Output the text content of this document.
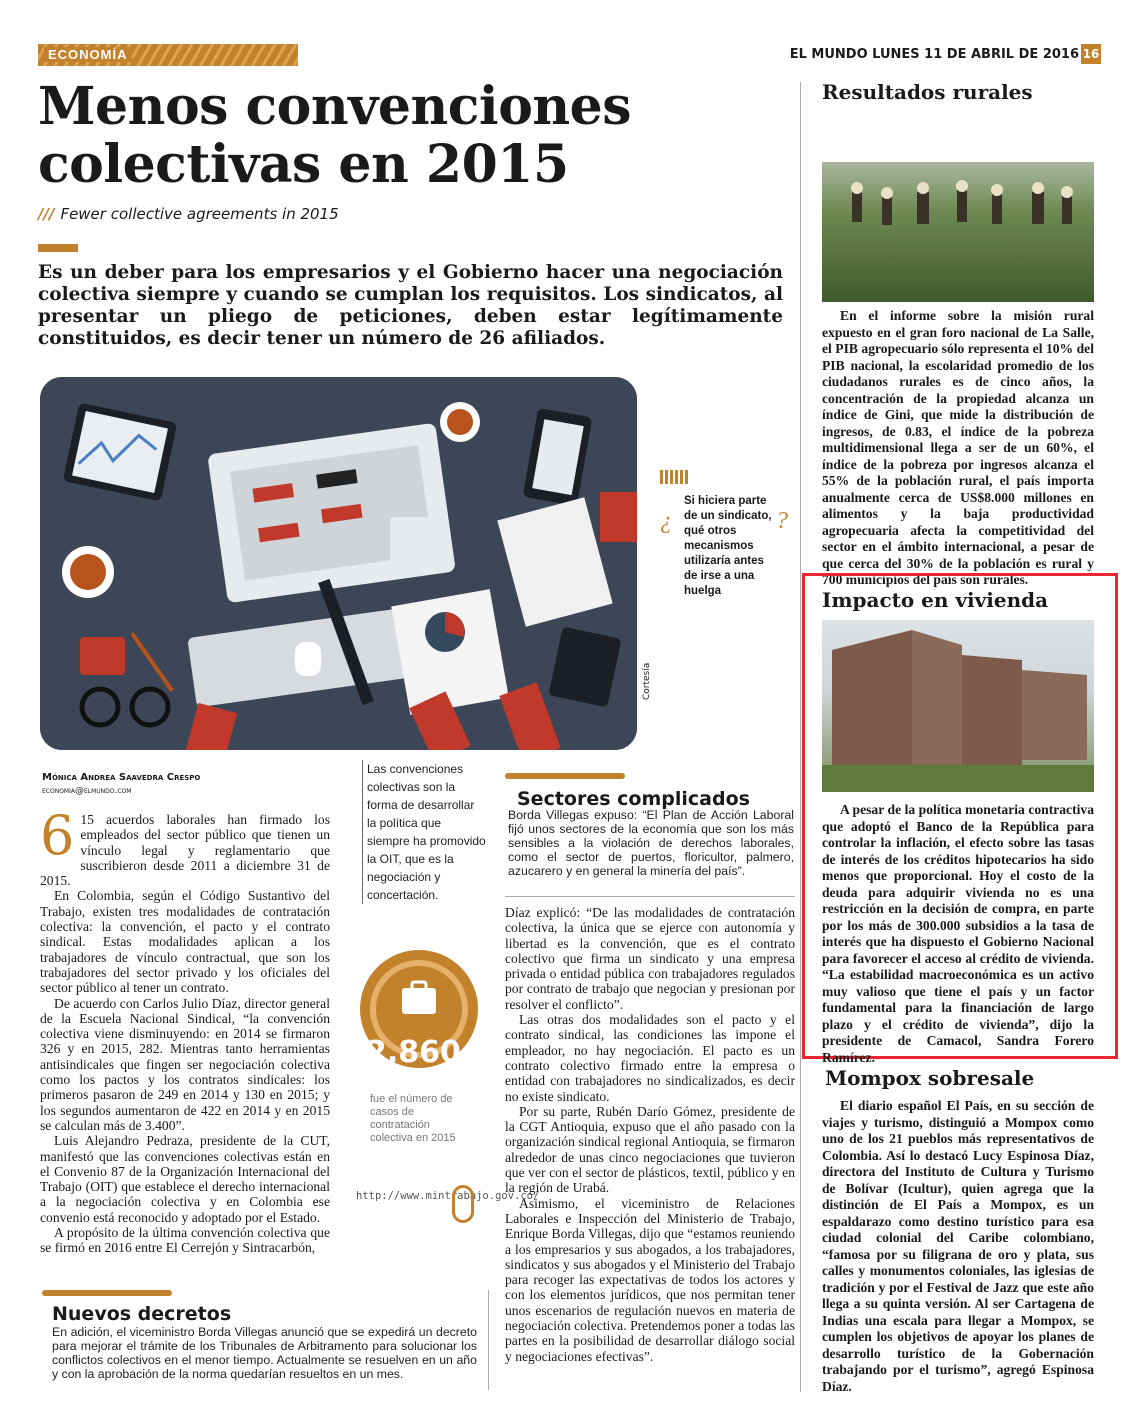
ECONOMÍA	EL MUNDO LUNES 11 DE ABRIL DE 2016 16
Menos convenciones colectivas en 2015
/// Fewer collective agreements in 2015
Es un deber para los empresarios y el Gobierno hacer una negociación colectiva siempre y cuando se cumplan los requisitos. Los sindicatos, al presentar un pliego de peticiones, deben estar legítimamente constituidos, es decir tener un número de 26 afiliados.
Cortesía
¿
Si hiciera parte de un sindicato, qué otros mecanismos utilizaría antes de irse a una huelga
?
Mónica Andrea Saavedra Crespo
economia@elmundo.com

6 15 acuerdos laborales han firmado los empleados del sector público que tienen un vínculo legal y reglamentario que suscribieron desde 2011 a diciembre 31 de 2015.

En Colombia, según el Código Sustantivo del Trabajo, existen tres modalidades de contratación colectiva: la convención, el pacto y el contrato sindical. Estas modalidades aplican a los trabajadores de vínculo contractual, que son los trabajadores del sector privado y los oficiales del sector público al tener un contrato.

De acuerdo con Carlos Julio Díaz, director general de la Escuela Nacional Sindical, “la convención colectiva viene disminuyendo: en 2014 se firmaron 326 y en 2015, 282. Mientras tanto herramientas antisindicales que fingen ser negociación colectiva como los pactos y los contratos sindicales: los primeros pasaron de 249 en 2014 y 130 en 2015; y los segundos aumentaron de 422 en 2014 y en 2015 se calculan más de 3.400”.

Luis Alejandro Pedraza, presidente de la CUT, manifestó que las convenciones colectivas están en el Convenio 87 de la Organización Internacional del Trabajo (OIT) que establece el derecho internacional a la negociación colectiva y en Colombia ese convenio está reconocido y adoptado por el Estado.

A propósito de la última convención colectiva que se firmó en 2016 entre El Cerrejón y Sintracarbón,

Las convenciones colectivas son la forma de desarrollar la política que siempre ha promovido la OIT, que es la negociación y concertación.
2.860
fue el número de casos de contratación colectiva en 2015
http://www.mintrabajo.gov.co/
Sectores complicados
Borda Villegas expuso: “El Plan de Acción Laboral fijó unos sectores de la economía que son los más sensibles a la violación de derechos laborales, como el sector de puertos, floricultor, palmero, azucarero y en general la minería del país”.

Díaz explicó: “De las modalidades de contratación colectiva, la única que se ejerce con autonomía y libertad es la convención, que es el contrato colectivo que firma un sindicato y una empresa privada o entidad pública con trabajadores regulados por contrato de trabajo que negocian y presionan por resolver el conflicto”.

Las otras dos modalidades son el pacto y el contrato sindical, las condiciones las impone el empleador, no hay negociación. El pacto es un contrato colectivo firmado entre la empresa o entidad con trabajadores no sindicalizados, es decir no existe sindicato.

Por su parte, Rubén Darío Gómez, presidente de la CGT Antioquia, expuso que el año pasado con la organización sindical regional Antioquia, se firmaron alrededor de unas cinco negociaciones que tuvieron que ver con el sector de plásticos, textil, público y en la región de Urabá.

Asimismo, el viceministro de Relaciones Laborales e Inspección del Ministerio de Trabajo, Enrique Borda Villegas, dijo que “estamos reuniendo a los empresarios y sus abogados, a los trabajadores, sindicatos y sus abogados y el Ministerio del Trabajo para recoger las expectativas de todos los actores y con los elementos jurídicos, que nos permitan tener unos escenarios de regulación nuevos en materia de negociación colectiva. Pretendemos poner a todas las partes en la posibilidad de desarrollar diálogo social y negociaciones efectivas”.

Nuevos decretos
En adición, el viceministro Borda Villegas anunció que se expedirá un decreto para mejorar el trámite de los Tribunales de Arbitramento para solucionar los conflictos colectivos en el menor tiempo. Actualmente se resuelven en un año y con la aprobación de la norma quedarían resueltos en un mes.
Resultados rurales

En el informe sobre la misión rural expuesto en el gran foro nacional de La Salle, el PIB agropecuario sólo representa el 10% del PIB nacional, la escolaridad promedio de los ciudadanos rurales es de cinco años, la concentración de la propiedad alcanza un índice de Gini, que mide la distribución de ingresos, de 0.83, el índice de la pobreza multidimensional llega a ser de un 60%, el índice de la pobreza por ingresos alcanza el 55% de la población rural, el país importa anualmente cerca de US$8.000 millones en alimentos y la baja productividad agropecuaria afecta la competitividad del sector en el ámbito internacional, a pesar de que cerca del 30% de la población es rural y 700 municipios del país son rurales.

Impacto en vivienda

A pesar de la política monetaria contractiva que adoptó el Banco de la República para controlar la inflación, el efecto sobre las tasas de interés de los créditos hipotecarios ha sido menos que proporcional. Hoy el costo de la deuda para adquirir vivienda no es una restricción en la decisión de compra, en parte por los más de 300.000 subsidios a la tasa de interés que ha dispuesto el Gobierno Nacional para favorecer el acceso al crédito de vivienda. “La estabilidad macroeconómica es un activo muy valioso que tiene el país y un factor fundamental para la financiación de largo plazo y el crédito de vivienda”, dijo la presidente de Camacol, Sandra Forero Ramírez.

Mompox sobresale

El diario español El País, en su sección de viajes y turismo, distinguió a Mompox como uno de los 21 pueblos más representativos de Colombia. Así lo destacó Lucy Espinosa Díaz, directora del Instituto de Cultura y Turismo de Bolívar (Icultur), quien agrega que la distinción de El País a Mompox, es un espaldarazo como destino turístico para esa ciudad colonial del Caribe colombiano, “famosa por su filigrana de oro y plata, sus calles y monumentos coloniales, las iglesias de tradición y por el Festival de Jazz que este año llega a su quinta versión. Al ser Cartagena de Indias una escala para llegar a Mompox, se cumplen los objetivos de apoyar los planes de desarrollo turístico de la Gobernación trabajando por el turismo”, agregó Espinosa Díaz.
